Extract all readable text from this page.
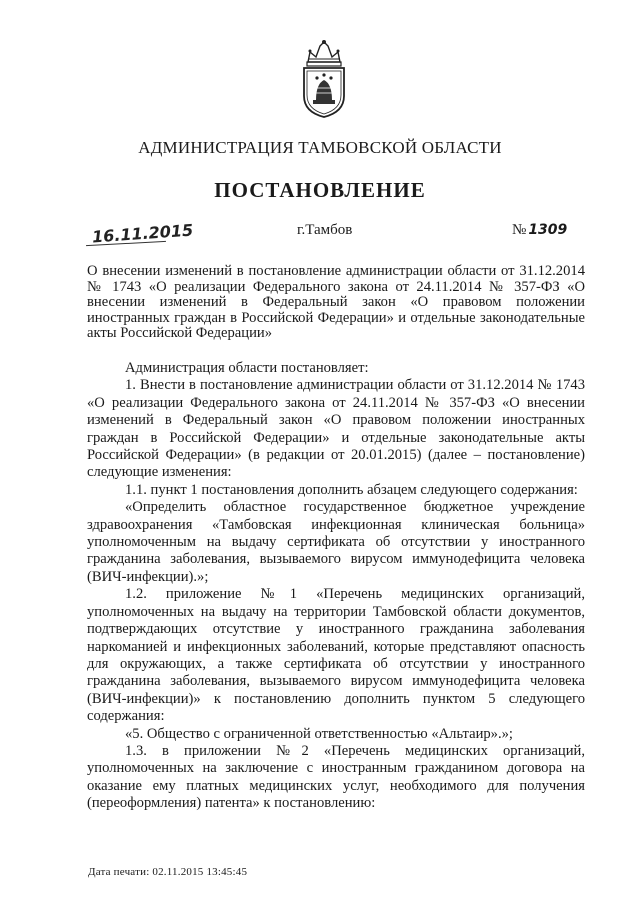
АДМИНИСТРАЦИЯ ТАМБОВСКОЙ ОБЛАСТИ
ПОСТАНОВЛЕНИЕ
16.11.2015	г.Тамбов	№ 1309
О внесении изменений в постановление администрации области от 31.12.2014 № 1743 «О реализации Федерального закона от 24.11.2014 № 357-ФЗ «О внесении изменений в Федеральный закон «О правовом положении иностранных граждан в Российской Федерации» и отдельные законодательные акты Российской Федерации»

Администрация области постановляет:

1. Внести в постановление администрации области от 31.12.2014 № 1743 «О реализации Федерального закона от 24.11.2014 № 357-ФЗ «О внесении изменений в Федеральный закон «О правовом положении иностранных граждан в Российской Федерации» и отдельные законодательные акты Российской Федерации» (в редакции от 20.01.2015) (далее – постановление) следующие изменения:

1.1. пункт 1 постановления дополнить абзацем следующего содержания:

«Определить областное государственное бюджетное учреждение здравоохранения «Тамбовская инфекционная клиническая больница» уполномоченным на выдачу сертификата об отсутствии у иностранного гражданина заболевания, вызываемого вирусом иммунодефицита человека (ВИЧ-инфекции).»;

1.2. приложение №1 «Перечень медицинских организаций, уполномоченных на выдачу на территории Тамбовской области документов, подтверждающих отсутствие у иностранного гражданина заболевания наркоманией и инфекционных заболеваний, которые представляют опасность для окружающих, а также сертификата об отсутствии у иностранного гражданина заболевания, вызываемого вирусом иммунодефицита человека (ВИЧ-инфекции)» к постановлению дополнить пунктом 5 следующего содержания:

«5. Общество с ограниченной ответственностью «Альтаир».»;

1.3. в приложении №2 «Перечень медицинских организаций, уполномоченных на заключение с иностранным гражданином договора на оказание ему платных медицинских услуг, необходимого для получения (переоформления) патента» к постановлению:

Дата печати: 02.11.2015 13:45:45
